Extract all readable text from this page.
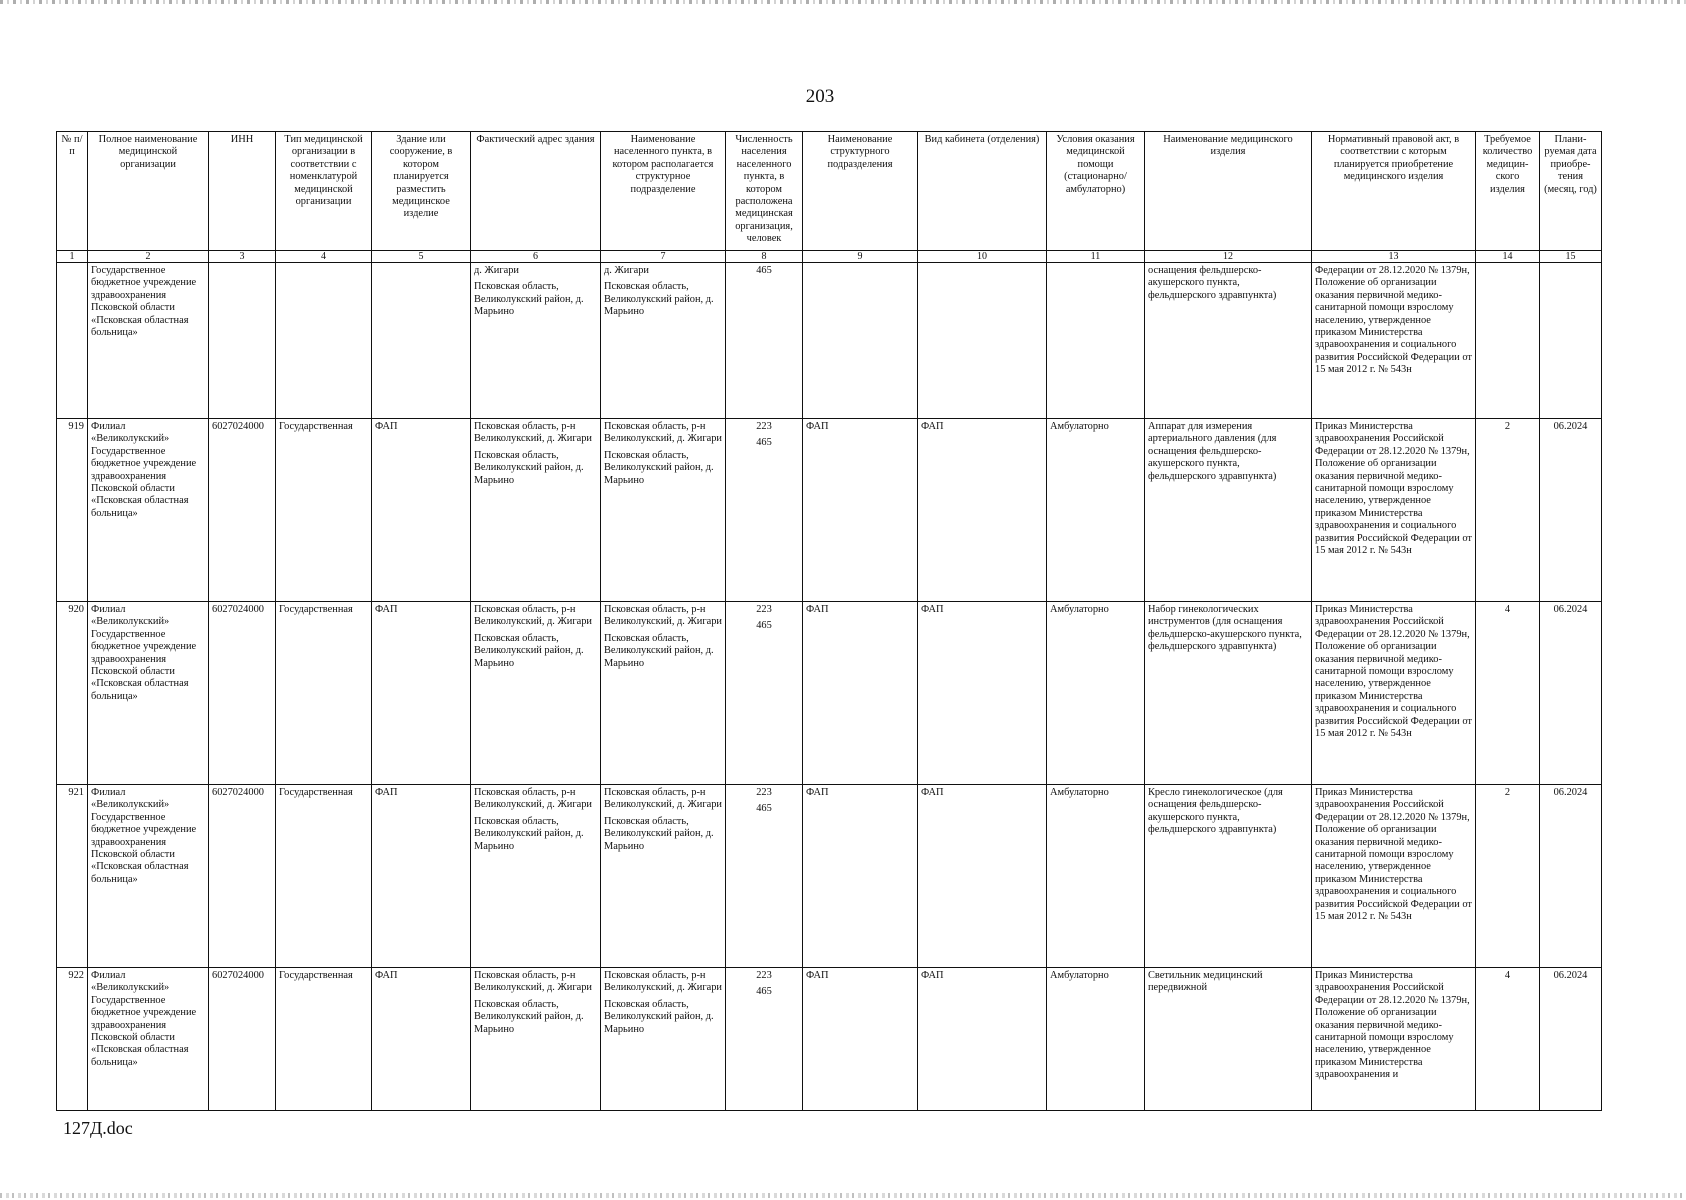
203
№ п/п	Полное наименование медицинской организации	ИНН	Тип медицинской организации в соответствии с номенклатурой медицинской организации	Здание или сооружение, в котором планируется разместить медицинское изделие	Фактический адрес здания	Наименование населенного пункта, в котором располагается структурное подразделение	Численность населения населенного пункта, в котором расположена медицинская организация, человек	Наименование структурного подразделения	Вид кабинета (отделения)	Условия оказания медицинской помощи (стационарно/ амбулаторно)	Наименование медицинского изделия	Нормативный правовой акт, в соответствии с которым планируется приобретение медицинского изделия	Требуемое количество медицин-ского изделия	Плани-руемая дата приобре-тения (месяц, год)
1	2	3	4	5	6	7	8	9	10	11	12	13	14	15
	Государственное бюджетное учреждение здравоохранения Псковской области «Псковская областная больница»				д. Жигари
Псковская область, Великолукский район, д. Марьино	д. Жигари
Псковская область, Великолукский район, д. Марьино	465				оснащения фельдшерско-акушерского пункта, фельдшерского здравпункта)	Федерации от 28.12.2020 № 1379н, Положение об организации оказания первичной медико-санитарной помощи взрослому населению, утвержденное приказом Министерства здравоохранения и социального развития Российской Федерации от 15 мая 2012 г. № 543н		
919	Филиал «Великолукский» Государственное бюджетное учреждение здравоохранения Псковской области «Псковская областная больница»	6027024000	Государственная	ФАП	Псковская область, р-н Великолукский, д. Жигари
Псковская область, Великолукский район, д. Марьино	Псковская область, р-н Великолукский, д. Жигари
Псковская область, Великолукский район, д. Марьино	223
465	ФАП	ФАП	Амбулаторно	Аппарат для измерения артериального давления (для оснащения фельдшерско-акушерского пункта, фельдшерского здравпункта)	Приказ Министерства здравоохранения Российской Федерации от 28.12.2020 № 1379н, Положение об организации оказания первичной медико-санитарной помощи взрослому населению, утвержденное приказом Министерства здравоохранения и социального развития Российской Федерации от 15 мая 2012 г. № 543н	2	06.2024
920	Филиал «Великолукский» Государственное бюджетное учреждение здравоохранения Псковской области «Псковская областная больница»	6027024000	Государственная	ФАП	Псковская область, р-н Великолукский, д. Жигари
Псковская область, Великолукский район, д. Марьино	Псковская область, р-н Великолукский, д. Жигари
Псковская область, Великолукский район, д. Марьино	223
465	ФАП	ФАП	Амбулаторно	Набор гинекологических инструментов (для оснащения фельдшерско-акушерского пункта, фельдшерского здравпункта)	Приказ Министерства здравоохранения Российской Федерации от 28.12.2020 № 1379н, Положение об организации оказания первичной медико-санитарной помощи взрослому населению, утвержденное приказом Министерства здравоохранения и социального развития Российской Федерации от 15 мая 2012 г. № 543н	4	06.2024
921	Филиал «Великолукский» Государственное бюджетное учреждение здравоохранения Псковской области «Псковская областная больница»	6027024000	Государственная	ФАП	Псковская область, р-н Великолукский, д. Жигари
Псковская область, Великолукский район, д. Марьино	Псковская область, р-н Великолукский, д. Жигари
Псковская область, Великолукский район, д. Марьино	223
465	ФАП	ФАП	Амбулаторно	Кресло гинекологическое (для оснащения фельдшерско-акушерского пункта, фельдшерского здравпункта)	Приказ Министерства здравоохранения Российской Федерации от 28.12.2020 № 1379н, Положение об организации оказания первичной медико-санитарной помощи взрослому населению, утвержденное приказом Министерства здравоохранения и социального развития Российской Федерации от 15 мая 2012 г. № 543н	2	06.2024
922	Филиал «Великолукский» Государственное бюджетное учреждение здравоохранения Псковской области «Псковская областная больница»	6027024000	Государственная	ФАП	Псковская область, р-н Великолукский, д. Жигари
Псковская область, Великолукский район, д. Марьино	Псковская область, р-н Великолукский, д. Жигари
Псковская область, Великолукский район, д. Марьино	223
465	ФАП	ФАП	Амбулаторно	Светильник медицинский передвижной	Приказ Министерства здравоохранения Российской Федерации от 28.12.2020 № 1379н, Положение об организации оказания первичной медико-санитарной помощи взрослому населению, утвержденное приказом Министерства здравоохранения и	4	06.2024
127Д.doc
